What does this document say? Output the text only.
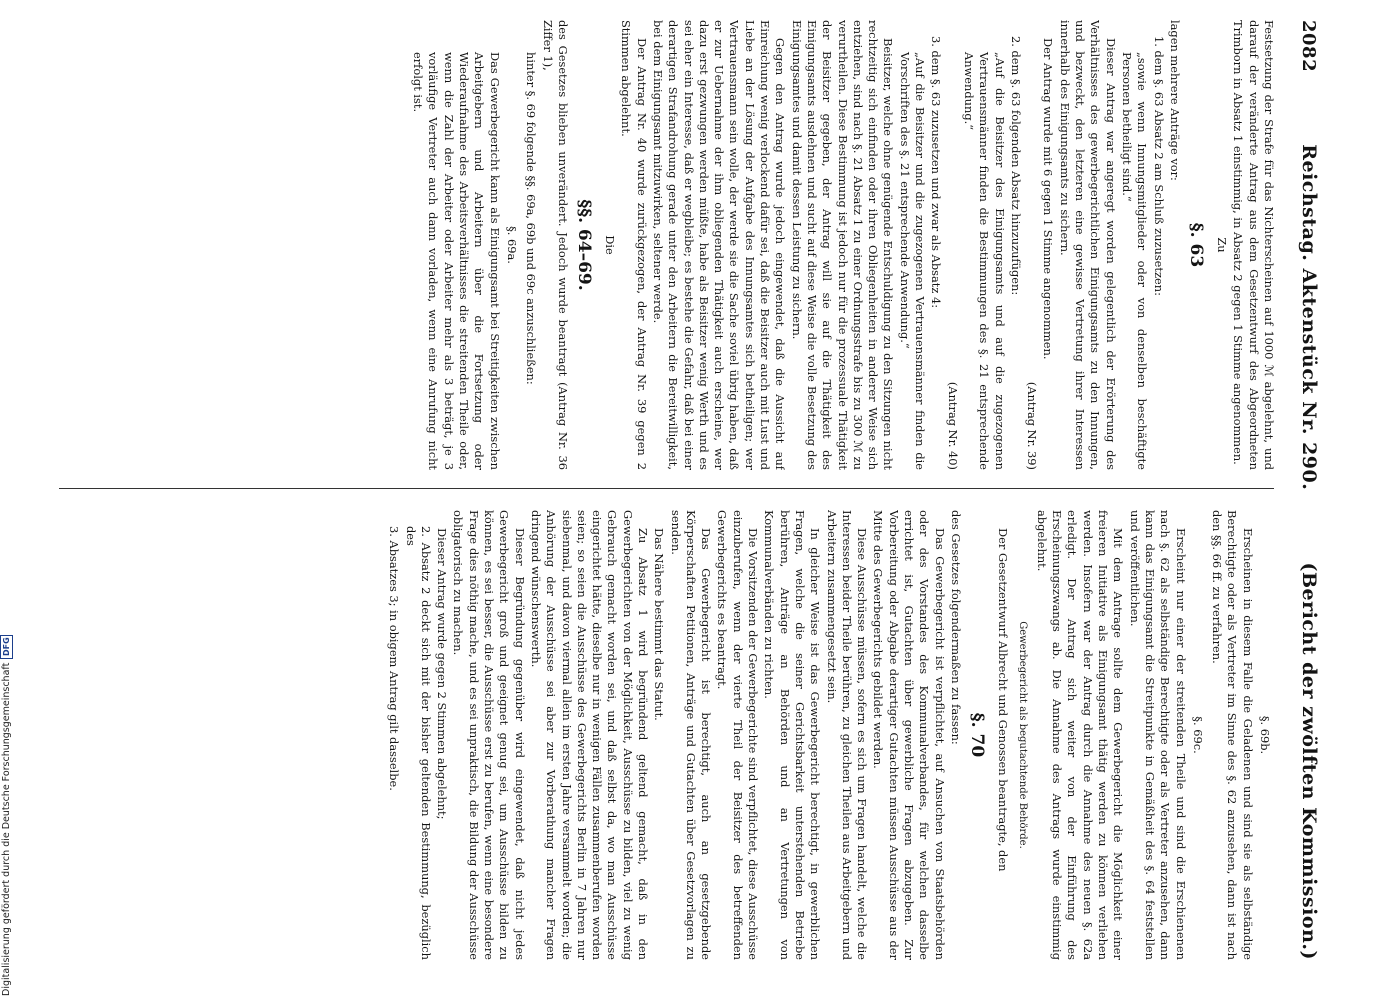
2082
Reichstag. Aktenstück Nr. 290.
(Bericht der zwölften Kommission.)

Festsetzung der Strafe für das Nichterscheinen auf 1000 ℳ abgelehnt, und darauf der veränderte Antrag aus dem Gesetzentwurf des Abgeordneten Trimborn in Absatz 1 einstimmig, in Absatz 2 gegen 1 Stimme angenommen.

Zu

§. 63

lagen mehrere Anträge vor:

1. dem §. 63 Absatz 2 am Schluß zuzusetzen:

„sowie wenn Innungsmitglieder oder von denselben beschäftigte Personen betheiligt sind.“

Dieser Antrag war angeregt worden gelegentlich der Erörterung des Verhältnisses des gewerbegerichtlichen Einigungsamts zu den Innungen, und bezweckt, den letzteren eine gewisse Vertretung ihrer Interessen innerhalb des Einigungsamts zu sichern.

Der Antrag wurde mit 6 gegen 1 Stimme angenommen.

(Antrag Nr. 39)

2. dem §. 63 folgenden Absatz hinzuzufügen:

„Auf die Beisitzer des Einigungsamts und auf die zugezogenen Vertrauensmänner finden die Bestimmungen des §. 21 entsprechende Anwendung.“

(Antrag Nr. 40)

3. dem §. 63 zuzusetzen und zwar als Absatz 4:

„Auf die Beisitzer und die zugezogenen Vertrauensmänner finden die Vorschriften des §. 21 entsprechende Anwendung.“

Beisitzer, welche ohne genügende Entschuldigung zu den Sitzungen nicht rechtzeitig sich einfinden oder ihren Obliegenheiten in anderer Weise sich entziehen, sind nach §. 21 Absatz 1 zu einer Ordnungsstrafe bis zu 300 ℳ zu verurtheilen. Diese Bestimmung ist jedoch nur für die prozessuale Thätigkeit der Beisitzer gegeben, der Antrag will sie auf die Thätigkeit des Einigungsamts ausdehnen und sucht auf diese Weise die volle Besetzung des Einigungsamtes und damit dessen Leistung zu sichern.

Gegen den Antrag wurde jedoch eingewendet, daß die Aussicht auf Einreichung wenig verlockend dafür sei, daß die Beisitzer auch mit Lust und Liebe an der Lösung der Aufgabe des Innungsamtes sich betheiligen; wer Vertrauensmann sein wolle, der werde sie die Sache soviel übrig haben, daß er zur Uebernahme der ihm obliegenden Thätigkeit auch erscheine, wer dazu erst gezwungen werden müßte, habe als Beisitzer wenig Werth und es sei eher ein Interesse, daß er wegbleibe; es bestehe die Gefahr, daß bei einer derartigen Strafandrohung gerade unter den Arbeitern die Bereitwilligkeit, bei dem Einigungsamt mitzuwirken, seltener werde.

Der Antrag Nr. 40 wurde zurückgezogen, der Antrag Nr. 39 gegen 2 Stimmen abgelehnt.

Die

§§. 64–69.

des Gesetzes blieben unverändert. Jedoch wurde beantragt (Antrag Nr. 36 Ziffer 1),

hinter §. 69 folgende §§. 69a, 69b und 69c anzuschließen:

§. 69a.

Das Gewerbegericht kann als Einigungsamt bei Streitigkeiten zwischen Arbeitgebern und Arbeitern über die Fortsetzung oder Wiederaufnahme des Arbeitsverhältnisses die streitenden Theile oder, wenn die Zahl der Arbeiter oder Arbeiter mehr als 3 beträgt, je 3 vorläufige Vertreter auch dann vorladen, wenn eine Anrufung nicht erfolgt ist.

§. 69b.

Erscheinen in diesem Falle die Geladenen und sind sie als selbständige Berechtigte oder als Vertreter im Sinne des §. 62 anzusehen, dann ist nach den §§. 66 ff. zu verfahren.

§. 69c.

Erscheint nur einer der streitenden Theile und sind die Erschienenen nach §. 62 als selbständige Berechtigte oder als Vertreter anzusehen, dann kann das Einigungsamt die Streitpunkte in Gemäßheit des §. 64 feststellen und veröffentlichen.

Mit dem Antrage sollte dem Gewerbegericht die Möglichkeit einer freieren Initiative als Einigungsamt thätig werden zu können verliehen werden. Insofern war der Antrag durch die Annahme des neuen §. 62a erledigt. Der Antrag sich weiter von der Einführung des Erscheinungszwangs ab. Die Annahme des Antrags wurde einstimmig abgelehnt.

Gewerbegericht als begutachtende Behörde.

Der Gesetzentwurf Albrecht und Genossen beantragte, den

§. 70

des Gesetzes folgendermaßen zu fassen:

Das Gewerbegericht ist verpflichtet, auf Ansuchen von Staatsbehörden oder des Vorstandes des Kommunalverbandes, für welchen dasselbe errichtet ist, Gutachten über gewerbliche Fragen abzugeben. Zur Vorbereitung oder Abgabe derartiger Gutachten müssen Ausschüsse aus der Mitte des Gewerbegerichts gebildet werden.

Diese Ausschüsse müssen, sofern es sich um Fragen handelt, welche die Interessen beider Theile berühren, zu gleichen Theilen aus Arbeitgebern und Arbeitern zusammengesetzt sein.

In gleicher Weise ist das Gewerbegericht berechtigt, in gewerblichen Fragen, welche die seiner Gerichtsbarkeit unterstehenden Betriebe berühren, Anträge an Behörden und an Vertretungen von Kommunalverbänden zu richten.

Die Vorsitzenden der Gewerbegerichte sind verpflichtet, diese Ausschüsse einzuberufen, wenn der vierte Theil der Beisitzer des betreffenden Gewerbegerichts es beantragt.

Das Gewerbegericht ist berechtigt, auch an gesetzgebende Körperschaften Petitionen, Anträge und Gutachten über Gesetzvorlagen zu senden.

Das Nähere bestimmt das Statut.

Zu Absatz 1 wird begründend geltend gemacht, daß in den Gewerbegerichten von der Möglichkeit, Ausschüsse zu bilden, viel zu wenig Gebrauch gemacht worden sei, und daß selbst da, wo man Ausschüsse eingerichtet hätte, dieselbe nur in wenigen Fällen zusammenberufen worden seien; so seien die Ausschüsse des Gewerbegerichts Berlin in 7 Jahren nur siebenmal, und davon viermal allein im ersten Jahre versammelt worden; die Anhörung der Ausschüsse sei aber zur Vorberathung mancher Fragen dringend wünschenswerth.

Dieser Begründung gegenüber wird eingewendet, daß nicht jedes Gewerbegericht groß und geeignet genug sei, um Ausschüsse bilden zu können, es sei besser, die Ausschüsse erst zu berufen, wenn eine besondere Frage dies nöthig mache, und es sei unpraktisch, die Bildung der Ausschüsse obligatorisch zu machen.

Dieser Antrag wurde gegen 2 Stimmen abgelehnt;

2. Absatz 2 deckt sich mit der bisher geltenden Bestimmung, bezüglich des

3. Absatzes 3; in obigem Antrag gilt dasselbe.

Digitalisierung gefördert durch die Deutsche Forschungsgemeinschaft
DFG
